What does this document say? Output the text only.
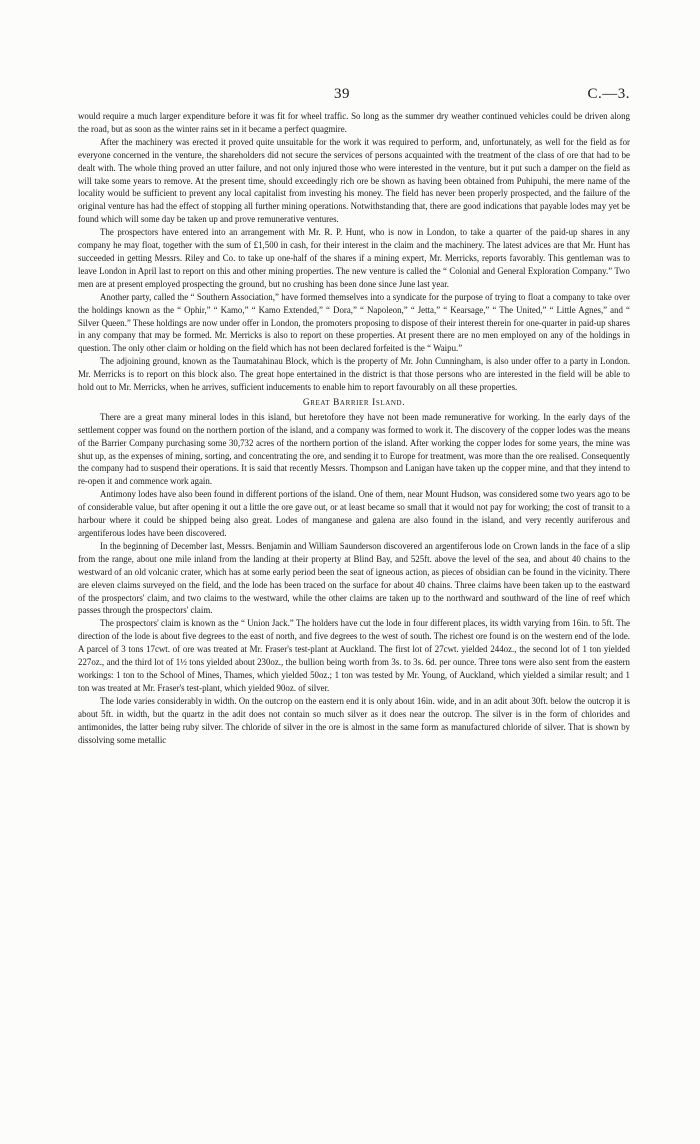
39	C.—3.

would require a much larger expenditure before it was fit for wheel traffic. So long as the summer dry weather continued vehicles could be driven along the road, but as soon as the winter rains set in it became a perfect quagmire.

After the machinery was erected it proved quite unsuitable for the work it was required to perform, and, unfortunately, as well for the field as for everyone concerned in the venture, the shareholders did not secure the services of persons acquainted with the treatment of the class of ore that had to be dealt with. The whole thing proved an utter failure, and not only injured those who were interested in the venture, but it put such a damper on the field as will take some years to remove. At the present time, should exceedingly rich ore be shown as having been obtained from Puhipuhi, the mere name of the locality would be sufficient to prevent any local capitalist from investing his money. The field has never been properly prospected, and the failure of the original venture has had the effect of stopping all further mining operations. Notwithstanding that, there are good indications that payable lodes may yet be found which will some day be taken up and prove remunerative ventures.

The prospectors have entered into an arrangement with Mr. R. P. Hunt, who is now in London, to take a quarter of the paid-up shares in any company he may float, together with the sum of £1,500 in cash, for their interest in the claim and the machinery. The latest advices are that Mr. Hunt has succeeded in getting Messrs. Riley and Co. to take up one-half of the shares if a mining expert, Mr. Merricks, reports favorably. This gentleman was to leave London in April last to report on this and other mining properties. The new venture is called the “ Colonial and General Exploration Company.” Two men are at present employed prospecting the ground, but no crushing has been done since June last year.

Another party, called the “ Southern Association,” have formed themselves into a syndicate for the purpose of trying to float a company to take over the holdings known as the “ Ophir,” “ Kamo,” “ Kamo Extended,” “ Dora,” “ Napoleon,” “ Jetta,” “ Kearsage,” “ The United,” “ Little Agnes,” and “ Silver Queen.” These holdings are now under offer in London, the promoters proposing to dispose of their interest therein for one-quarter in paid-up shares in any company that may be formed. Mr. Merricks is also to report on these properties. At present there are no men employed on any of the holdings in question. The only other claim or holding on the field which has not been declared forfeited is the “ Waipu.”

The adjoining ground, known as the Taumatahinau Block, which is the property of Mr. John Cunningham, is also under offer to a party in London. Mr. Merricks is to report on this block also. The great hope entertained in the district is that those persons who are interested in the field will be able to hold out to Mr. Merricks, when he arrives, sufficient inducements to enable him to report favourably on all these properties.

Great Barrier Island.

There are a great many mineral lodes in this island, but heretofore they have not been made remunerative for working. In the early days of the settlement copper was found on the northern portion of the island, and a company was formed to work it. The discovery of the copper lodes was the means of the Barrier Company purchasing some 30,732 acres of the northern portion of the island. After working the copper lodes for some years, the mine was shut up, as the expenses of mining, sorting, and concentrating the ore, and sending it to Europe for treatment, was more than the ore realised. Consequently the company had to suspend their operations. It is said that recently Messrs. Thompson and Lanigan have taken up the copper mine, and that they intend to re-open it and commence work again.

Antimony lodes have also been found in different portions of the island. One of them, near Mount Hudson, was considered some two years ago to be of considerable value, but after opening it out a little the ore gave out, or at least became so small that it would not pay for working; the cost of transit to a harbour where it could be shipped being also great. Lodes of manganese and galena are also found in the island, and very recently auriferous and argentiferous lodes have been discovered.

In the beginning of December last, Messrs. Benjamin and William Saunderson discovered an argentiferous lode on Crown lands in the face of a slip from the range, about one mile inland from the landing at their property at Blind Bay, and 525ft. above the level of the sea, and about 40 chains to the westward of an old volcanic crater, which has at some early period been the seat of igneous action, as pieces of obsidian can be found in the vicinity. There are eleven claims surveyed on the field, and the lode has been traced on the surface for about 40 chains. Three claims have been taken up to the eastward of the prospectors' claim, and two claims to the westward, while the other claims are taken up to the northward and southward of the line of reef which passes through the prospectors' claim.

The prospectors' claim is known as the “ Union Jack.” The holders have cut the lode in four different places, its width varying from 16in. to 5ft. The direction of the lode is about five degrees to the east of north, and five degrees to the west of south. The richest ore found is on the western end of the lode. A parcel of 3 tons 17cwt. of ore was treated at Mr. Fraser's test-plant at Auckland. The first lot of 27cwt. yielded 244oz., the second lot of 1 ton yielded 227oz., and the third lot of 1½ tons yielded about 230oz., the bullion being worth from 3s. to 3s. 6d. per ounce. Three tons were also sent from the eastern workings: 1 ton to the School of Mines, Thames, which yielded 50oz.; 1 ton was tested by Mr. Young, of Auckland, which yielded a similar result; and 1 ton was treated at Mr. Fraser's test-plant, which yielded 90oz. of silver.

The lode varies considerably in width. On the outcrop on the eastern end it is only about 16in. wide, and in an adit about 30ft. below the outcrop it is about 5ft. in width, but the quartz in the adit does not contain so much silver as it does near the outcrop. The silver is in the form of chlorides and antimonides, the latter being ruby silver. The chloride of silver in the ore is almost in the same form as manufactured chloride of silver. That is shown by dissolving some metallic
